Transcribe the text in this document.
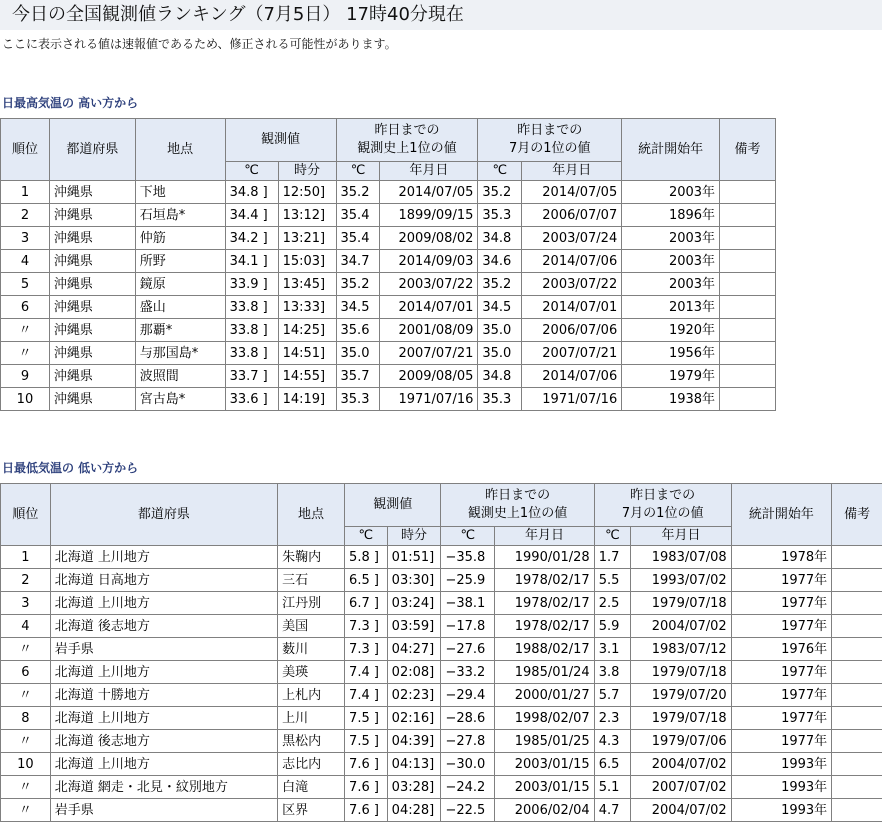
今日の全国観測値ランキング（7月5日） 17時40分現在
ここに表示される値は速報値であるため、修正される可能性があります。
日最高気温の 高い方から
順位	都道府県	地点	観測値		昨日までの
観測史上1位の値		昨日までの
7月の1位の値		統計開始年	備考
			℃	時分	℃	年月日	℃	年月日		
1	沖縄県	下地	34.8 ]	12:50]	35.2	2014/07/05	35.2	2014/07/05	2003年	
2	沖縄県	石垣島*	34.4 ]	13:12]	35.4	1899/09/15	35.3	2006/07/07	1896年	
3	沖縄県	仲筋	34.2 ]	13:21]	35.4	2009/08/02	34.8	2003/07/24	2003年	
4	沖縄県	所野	34.1 ]	15:03]	34.7	2014/09/03	34.6	2014/07/06	2003年	
5	沖縄県	鏡原	33.9 ]	13:45]	35.2	2003/07/22	35.2	2003/07/22	2003年	
6	沖縄県	盛山	33.8 ]	13:33]	34.5	2014/07/01	34.5	2014/07/01	2013年	
〃	沖縄県	那覇*	33.8 ]	14:25]	35.6	2001/08/09	35.0	2006/07/06	1920年	
〃	沖縄県	与那国島*	33.8 ]	14:51]	35.0	2007/07/21	35.0	2007/07/21	1956年	
9	沖縄県	波照間	33.7 ]	14:55]	35.7	2009/08/05	34.8	2014/07/06	1979年	
10	沖縄県	宮古島*	33.6 ]	14:19]	35.3	1971/07/16	35.3	1971/07/16	1938年	
日最低気温の 低い方から
順位	都道府県	地点	観測値		昨日までの
観測史上1位の値		昨日までの
7月の1位の値		統計開始年	備考
			℃	時分	℃	年月日	℃	年月日		
1	北海道 上川地方	朱鞠内	5.8 ]	01:51]	−35.8	1990/01/28	1.7	1983/07/08	1978年	
2	北海道 日高地方	三石	6.5 ]	03:30]	−25.9	1978/02/17	5.5	1993/07/02	1977年	
3	北海道 上川地方	江丹別	6.7 ]	03:24]	−38.1	1978/02/17	2.5	1979/07/18	1977年	
4	北海道 後志地方	美国	7.3 ]	03:59]	−17.8	1978/02/17	5.9	2004/07/02	1977年	
〃	岩手県	薮川	7.3 ]	04:27]	−27.6	1988/02/17	3.1	1983/07/12	1976年	
6	北海道 上川地方	美瑛	7.4 ]	02:08]	−33.2	1985/01/24	3.8	1979/07/18	1977年	
〃	北海道 十勝地方	上札内	7.4 ]	02:23]	−29.4	2000/01/27	5.7	1979/07/20	1977年	
8	北海道 上川地方	上川	7.5 ]	02:16]	−28.6	1998/02/07	2.3	1979/07/18	1977年	
〃	北海道 後志地方	黒松内	7.5 ]	04:39]	−27.8	1985/01/25	4.3	1979/07/06	1977年	
10	北海道 上川地方	志比内	7.6 ]	04:13]	−30.0	2003/01/15	6.5	2004/07/02	1993年	
〃	北海道 網走・北見・紋別地方	白滝	7.6 ]	03:28]	−24.2	2003/01/15	5.1	2007/07/02	1993年	
〃	岩手県	区界	7.6 ]	04:28]	−22.5	2006/02/04	4.7	2004/07/02	1993年	
